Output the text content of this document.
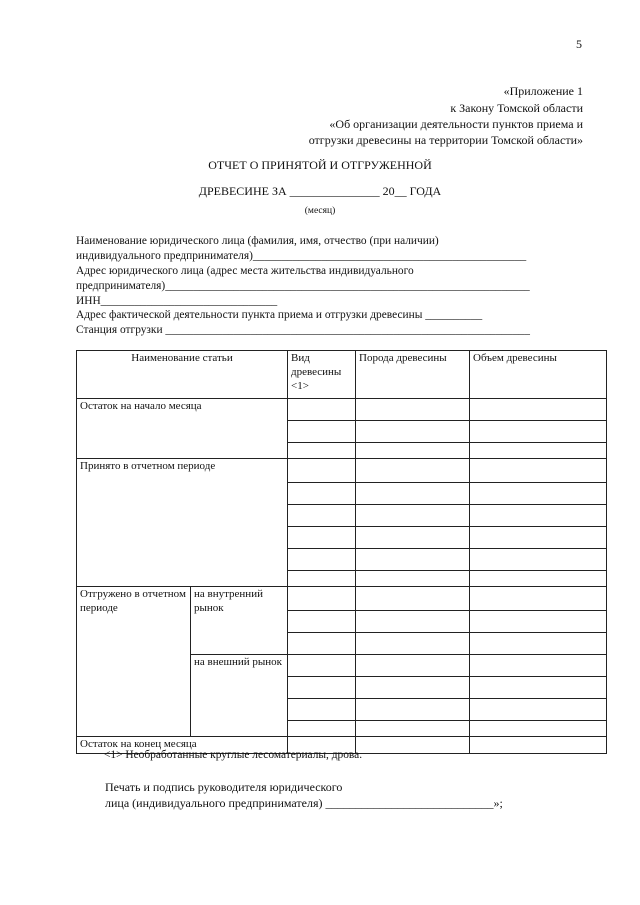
5
«Приложение 1
к Закону Томской области
«Об организации деятельности пунктов приема и
отгрузки древесины на территории Томской области»
ОТЧЕТ О ПРИНЯТОЙ И ОТГРУЖЕННОЙ
ДРЕВЕСИНЕ ЗА _______________ 20__ ГОДА
(месяц)
Наименование юридического лица (фамилия, имя, отчество (при наличии)
индивидуального предпринимателя)________________________________________________
Адрес юридического лица (адрес места жительства индивидуального
предпринимателя)________________________________________________________________
ИНН_______________________________
Адрес фактической деятельности пункта приема и отгрузки древесины __________
Станция отгрузки ________________________________________________________________
Наименование статьи		Вид древесины <1>	Порода древесины	Объем древесины
Остаток на начало месяца				

Принято в отчетном периоде				

Отгружено в отчетном периоде	на внутренний рынок			

	на внешний рынок			

Остаток на конец месяца				
<1> Необработанные круглые лесоматериалы, дрова.
Печать и подпись руководителя юридического
лица (индивидуального предпринимателя) ____________________________»;
